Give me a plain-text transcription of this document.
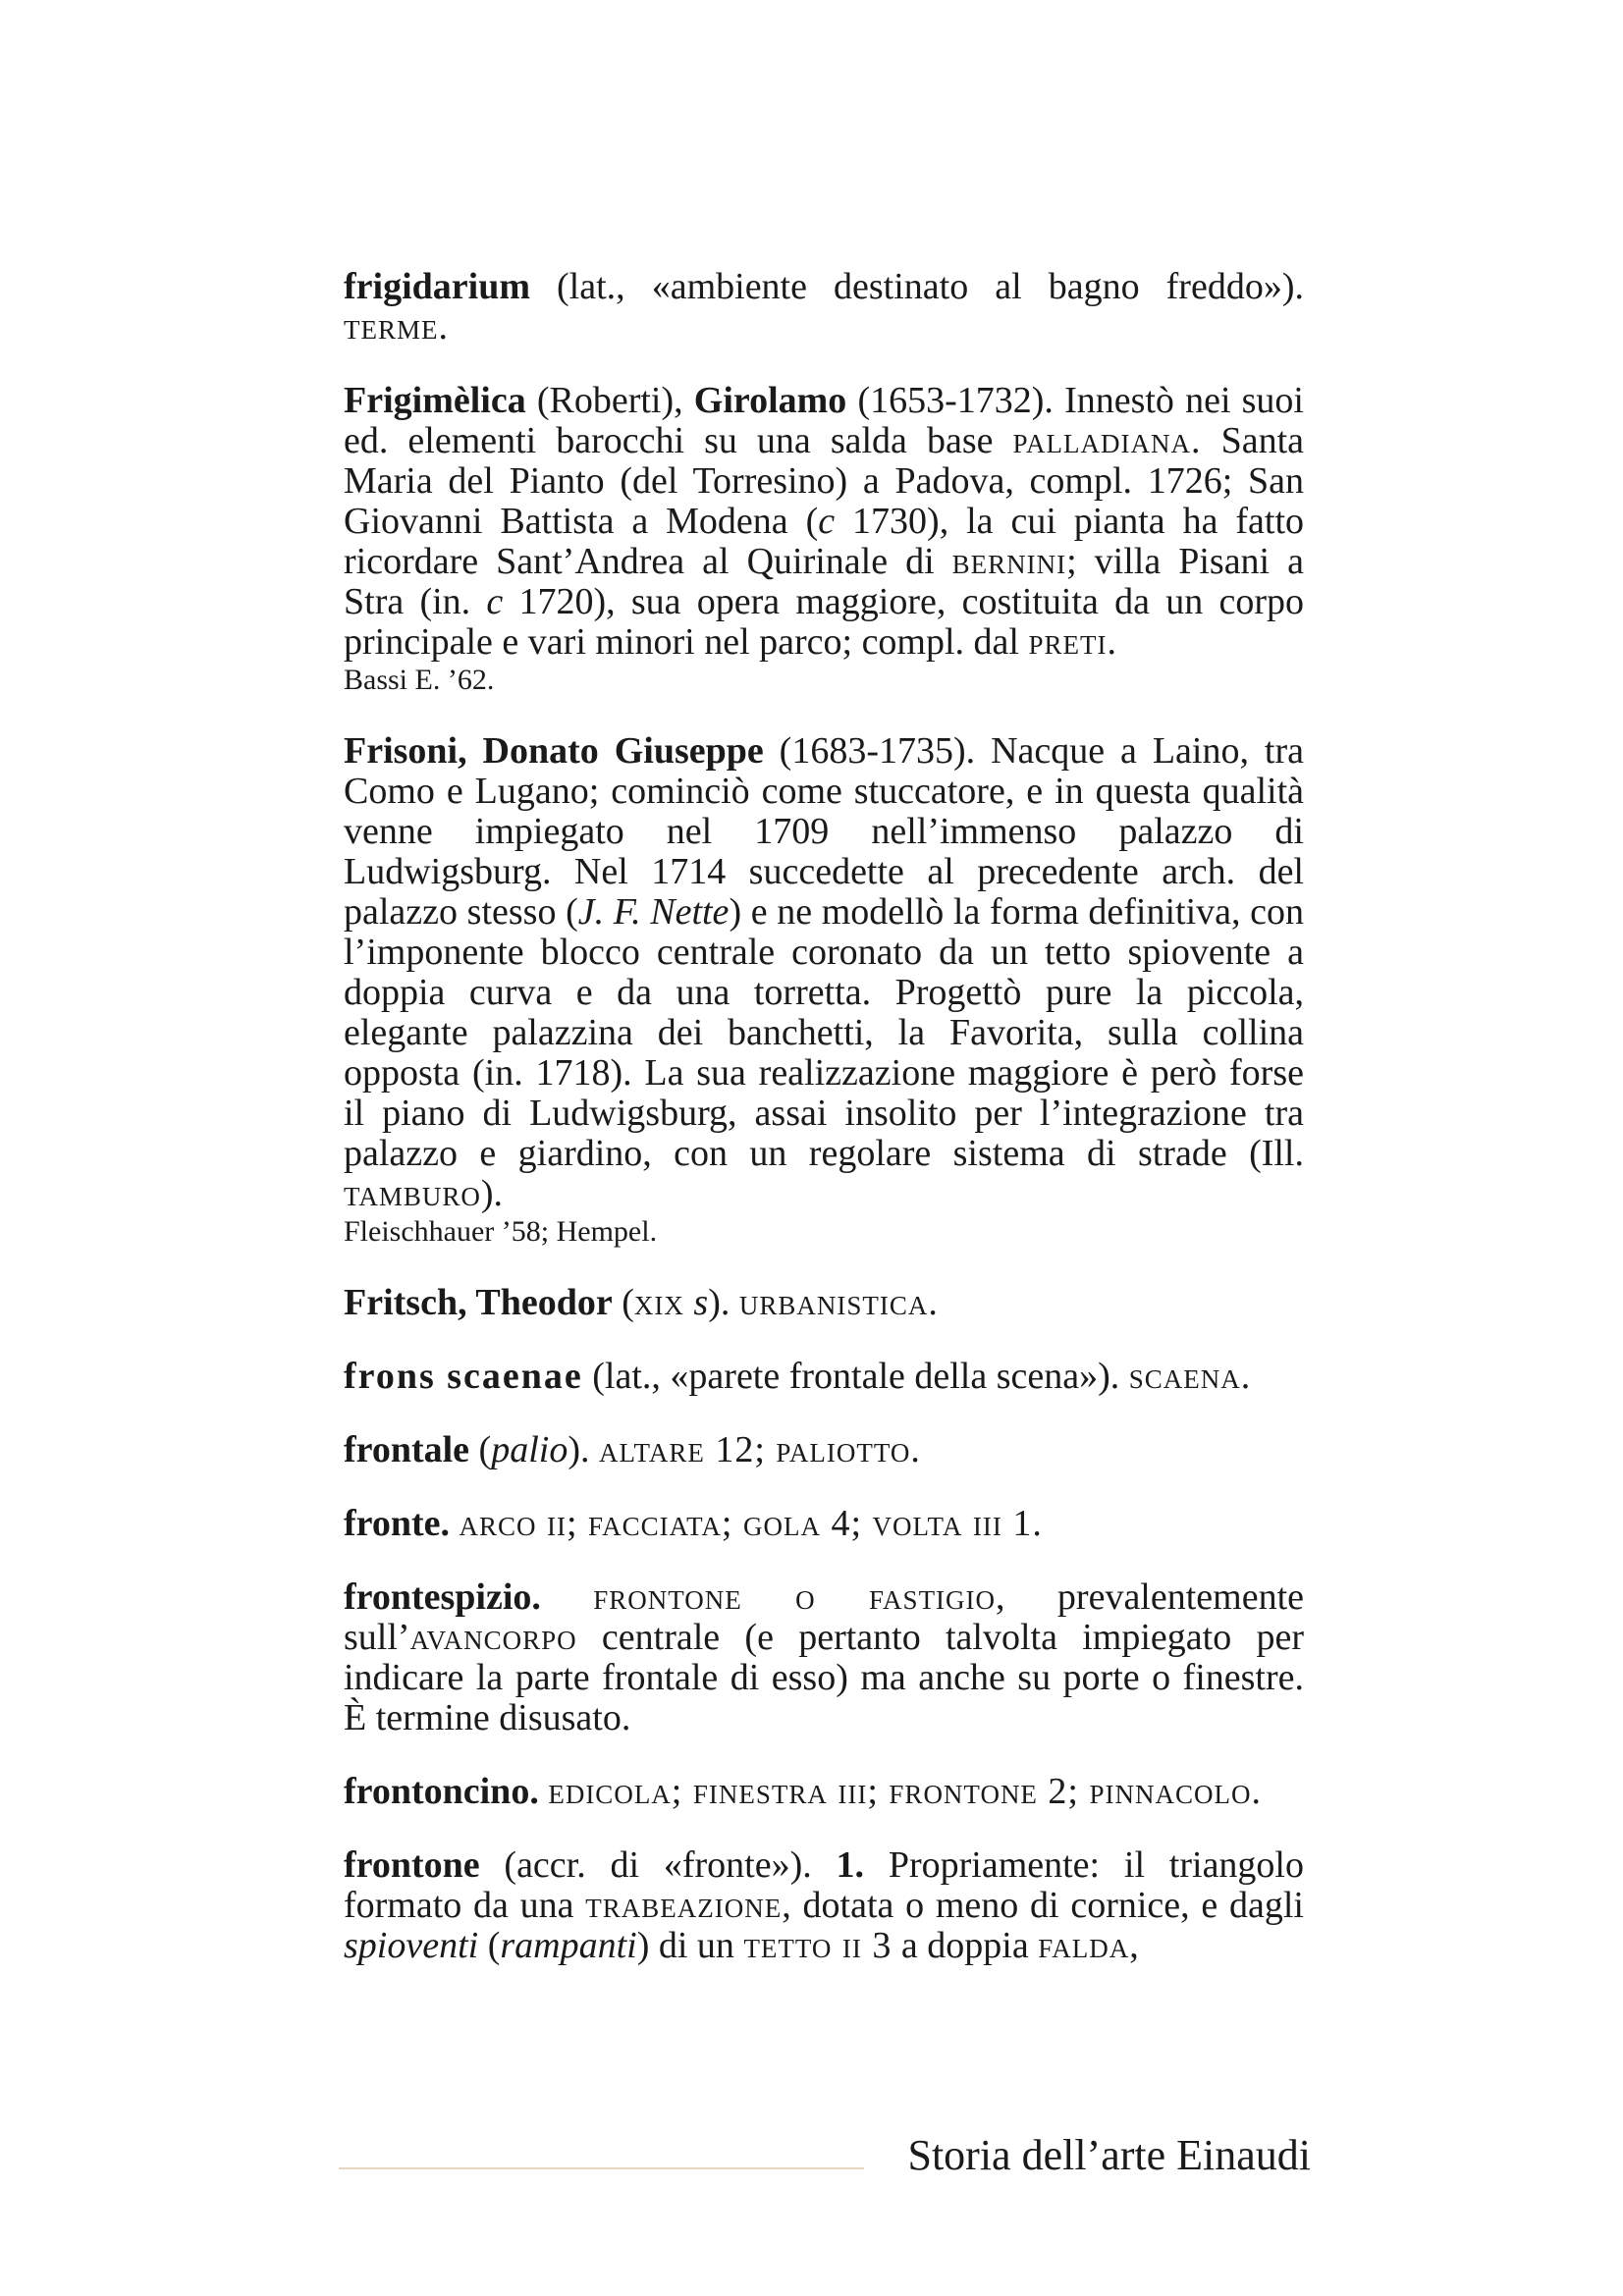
frigidarium (lat., «ambiente destinato al bagno freddo»). terme.

Frigimèlica (Roberti), Girolamo (1653-1732). Innestò nei suoi ed. elementi barocchi su una salda base palladiana. Santa Maria del Pianto (del Torresino) a Padova, compl. 1726; San Giovanni Battista a Modena (c 1730), la cui pianta ha fatto ricordare Sant’Andrea al Quirinale di bernini; villa Pisani a Stra (in. c 1720), sua opera maggiore, costituita da un corpo principale e vari minori nel parco; compl. dal preti.

Bassi E. ’62.

Frisoni, Donato Giuseppe (1683-1735). Nacque a Laino, tra Como e Lugano; cominciò come stuccatore, e in questa qualità venne impiegato nel 1709 nell’immenso palazzo di Ludwigsburg. Nel 1714 succedette al precedente arch. del palazzo stesso (J. F. Nette) e ne modellò la forma definitiva, con l’imponente blocco centrale coronato da un tetto spiovente a doppia curva e da una torretta. Progettò pure la piccola, elegante palazzina dei banchetti, la Favorita, sulla collina opposta (in. 1718). La sua realizzazione maggiore è però forse il piano di Ludwigsburg, assai insolito per l’integrazione tra palazzo e giardino, con un regolare sistema di strade (Ill. tamburo).

Fleischhauer ’58; Hempel.

Fritsch, Theodor (xix s). urbanistica.

frons scaenae (lat., «parete frontale della scena»). scaena.

frontale (palio). altare 12; paliotto.

fronte. arco ii; facciata; gola 4; volta iii 1.

frontespizio. frontone o fastigio, prevalentemente sull’avancorpo centrale (e pertanto talvolta impiegato per indicare la parte frontale di esso) ma anche su porte o finestre. È termine disusato.

frontoncino. edicola; finestra iii; frontone 2; pinnacolo.

frontone (accr. di «fronte»). 1. Propriamente: il triangolo formato da una trabeazione, dotata o meno di cornice, e dagli spioventi (rampanti) di un tetto ii 3 a doppia falda,

Storia dell’arte Einaudi
